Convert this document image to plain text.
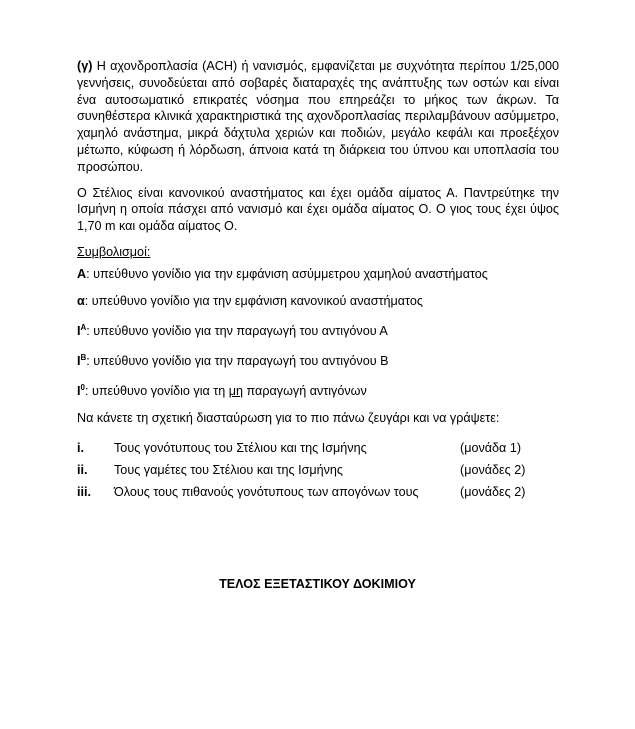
(γ) Η αχονδροπλασία (ACH) ή νανισμός, εμφανίζεται με συχνότητα περίπου 1/25,000 γεννήσεις, συνοδεύεται από σοβαρές διαταραχές της ανάπτυξης των οστών και είναι ένα αυτοσωματικό επικρατές νόσημα που επηρεάζει το μήκος των άκρων. Τα συνηθέστερα κλινικά χαρακτηριστικά της αχονδροπλασίας περιλαμβάνουν ασύμμετρο, χαμηλό ανάστημα, μικρά δάχτυλα χεριών και ποδιών, μεγάλο κεφάλι και προεξέχον μέτωπο, κύφωση ή λόρδωση, άπνοια κατά τη διάρκεια του ύπνου και υποπλασία του προσώπου.

Ο Στέλιος είναι κανονικού αναστήματος και έχει ομάδα αίματος Α. Παντρεύτηκε την Ισμήνη η οποία πάσχει από νανισμό και έχει ομάδα αίματος Ο. Ο γιος τους έχει ύψος 1,70 m και ομάδα αίματος Ο.

Συμβολισμοί:
A: υπεύθυνο γονίδιο για την εμφάνιση ασύμμετρου χαμηλού αναστήματος
α: υπεύθυνο γονίδιο για την εμφάνιση κανονικού αναστήματος
$I^A$: υπεύθυνο γονίδιο για την παραγωγή του αντιγόνου Α
$I^B$: υπεύθυνο γονίδιο για την παραγωγή του αντιγόνου Β
$I^0$: υπεύθυνο γονίδιο για τη μη παραγωγή αντιγόνων
Να κάνετε τη σχετική διασταύρωση για το πιο πάνω ζευγάρι και να γράψετε:
i. Τους γονότυπους του Στέλιου και της Ισμήνης	(μονάδα 1)
ii. Τους γαμέτες του Στέλιου και της Ισμήνης	(μονάδες 2)
iii. Όλους τους πιθανούς γονότυπους των απογόνων τους	(μονάδες 2)
ΤΕΛΟΣ ΕΞΕΤΑΣΤΙΚΟΥ ΔΟΚΙΜΙΟΥ
